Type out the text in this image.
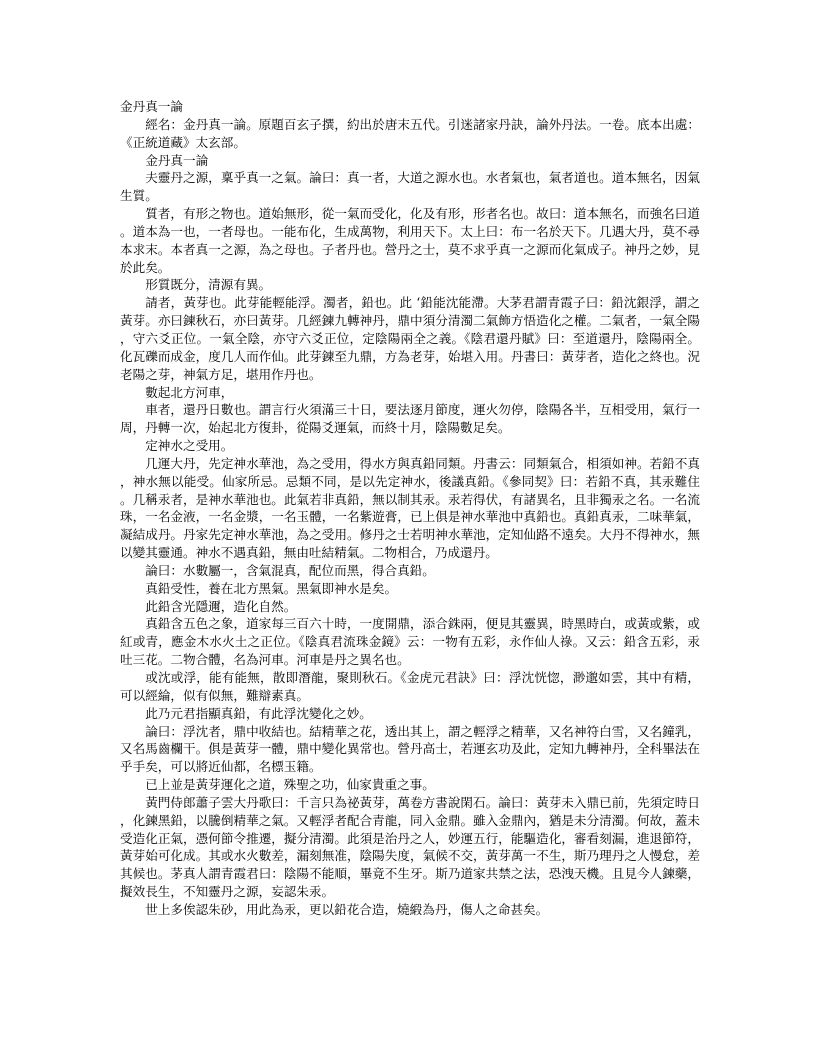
金丹真一論

經名：金丹真一論。原題百玄子撰，約出於唐末五代。引迷諸家丹訣，論外丹法。一卷。底本出處：《正統道藏》太玄部。

金丹真一論

夫靈丹之源，稟乎真一之氣。論曰：真一者，大道之源水也。水者氣也，氣者道也。道本無名，因氣生質。

質者，有形之物也。道始無形，從一氣而受化，化及有形，形者名也。故曰：道本無名，而強名曰道。道本為一也，一者母也。一能布化，生成萬物，利用天下。太上曰：布一名於天下。几遇大丹，莫不尋本求末。本者真一之源，為之母也。子者丹也。營丹之士，莫不求乎真一之源而化氣成子。神丹之妙，見於此矣。

形質既分，清源有異。

請者，黃芽也。此芽能輕能浮。濁者，鉛也。此 ‘鉛能沈能滯。大茅君謂青霞子曰：鉛沈銀浮，謂之黃芽。亦曰鍊秋石，亦曰黃芽。几經鍊九轉神丹，鼎中須分清濁二氣飾方悟造化之權。二氣者，一氣全陽，守六爻正位。一氣全陰，亦守六爻正位，定陰陽兩全之義。《陰君還丹賦》曰：至道還丹，陰陽兩全。化瓦礫而成金，度几人而作仙。此芽鍊至九鼎，方為老芽，始堪入用。丹書曰：黃芽者，造化之終也。況老陽之芽，神氣方足，堪用作丹也。

數起北方河車，

車者，還丹日數也。謂言行火須滿三十日，要法逐月節度，運火勿停，陰陽各半，互相受用，氣行一周，丹轉一次，始起北方復卦，從陽爻運氣，而終十月，陰陽數足矣。

定神水之受用。

几運大丹，先定神水華池，為之受用，得水方與真鉛同類。丹書云：同類氣合，相須如神。若鉛不真，神水無以能受。仙家所忌。忌類不同，是以先定神水，後議真鉛。《參同契》曰：若鉛不真，其汞難住。几稱汞者，是神水華池也。此氣若非真鉛，無以制其汞。汞若得伏，有諸異名，且非獨汞之名。一名流珠，一名金液，一名金漿，一名玉體，一名紫遊膏，已上俱是神水華池中真鉛也。真鉛真汞，二味華氣，凝結成丹。丹家先定神水華池，為之受用。修丹之士若明神水華池，定知仙路不遠矣。大丹不得神水，無以變其靈通。神水不遇真鉛，無由吐結精氣。二物相合，乃成還丹。

論曰：水數屬一，含氣混真，配位而黑，得合真鉛。

真鉛受性，養在北方黑氣。黑氣即神水是矣。

此鉛含光隱邇，造化自然。

真鉛含五色之象，道家每三百六十時，一度開鼎，添合銖兩，便見其靈異，時黑時白，或黃或紫，或紅或青，應金木水火土之正位。《陰真君流珠金鏡》云：一物有五彩，永作仙人祿。又云：鉛含五彩，汞吐三花。二物合體，名為河車。河車是丹之異名也。

或沈或浮，能有能無，散即潛龍，聚則秋石。《金虎元君訣》曰：浮沈恍惚，渺邈如雲，其中有精，可以經綸，似有似無，難辯素真。

此乃元君指顯真鉛，有此浮沈變化之妙。

論曰：浮沈者，鼎中收結也。結精華之花，透出其上，謂之輕浮之精華，又名神符白雪，又名鐘乳，又名馬齒欄干。俱是黃芽一體，鼎中變化異常也。營丹高士，若運玄功及此，定知九轉神丹，全科畢法在乎手矣，可以將近仙都，名標玉籍。

已上並是黃芽運化之道，殊聖之功，仙家貴重之事。

黃門侍郎蕭子雲大丹歌曰：千言只為祕黃芽，萬卷方書說閑石。論曰：黃芽未入鼎已前，先須定時日，化鍊黑鉛，以騰倒精華之氣。又輕浮者配合青龍，同入金鼎。雖入金鼎內，猶是未分清濁。何故，蓋未受造化正氣，憑何節令推遷，擬分清濁。此須是治丹之人，妙運五行，能驅造化，審看刻漏，進退節符，黃芽始可化成。其或水火數差，漏刻無准，陰陽失度，氣候不交，黃芽萬一不生，斯乃理丹之人慢怠，差其候也。茅真人謂青霞君曰：陰陽不能順，畢竟不生牙。斯乃道家共禁之法，恐洩天機。且見今人鍊藥，擬效長生，不知靈丹之源，妄認朱汞。

世上多俟認朱砂，用此為汞，更以鉛花合造，燒緞為丹，傷人之命甚矣。
